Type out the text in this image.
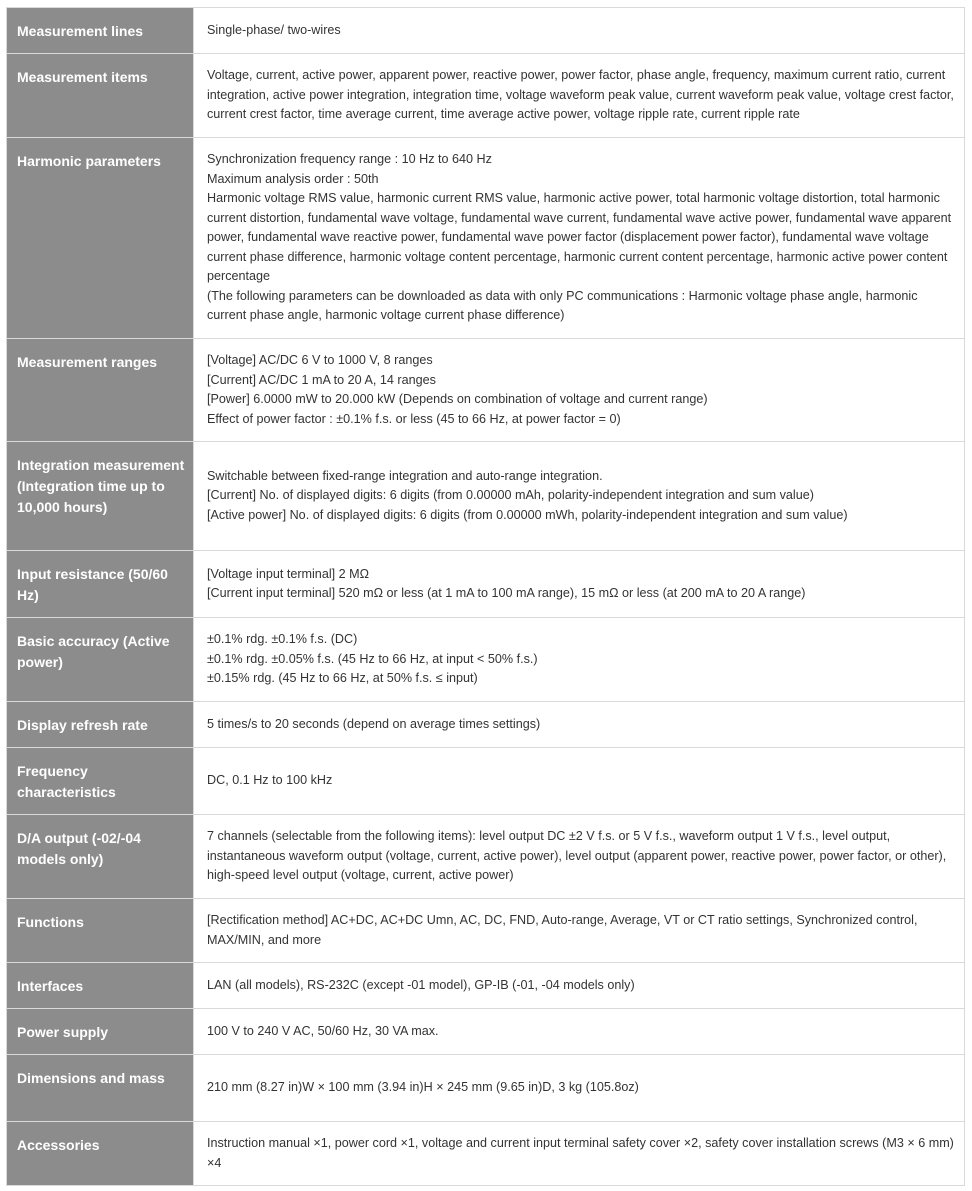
Measurement lines	Single-phase/ two-wires

Measurement items	Voltage, current, active power, apparent power, reactive power, power factor, phase angle, frequency, maximum current ratio, current integration, active power integration, integration time, voltage waveform peak value, current waveform peak value, voltage crest factor, current crest factor, time average current, time average active power, voltage ripple rate, current ripple rate

Harmonic parameters	Synchronization frequency range : 10 Hz to 640 Hz
Maximum analysis order : 50th
Harmonic voltage RMS value, harmonic current RMS value, harmonic active power, total harmonic voltage distortion, total harmonic current distortion, fundamental wave voltage, fundamental wave current, fundamental wave active power, fundamental wave apparent power, fundamental wave reactive power, fundamental wave power factor (displacement power factor), fundamental wave voltage current phase difference, harmonic voltage content percentage, harmonic current content percentage, harmonic active power content percentage
(The following parameters can be downloaded as data with only PC communications : Harmonic voltage phase angle, harmonic current phase angle, harmonic voltage current phase difference)

Measurement ranges	[Voltage] AC/DC 6 V to 1000 V, 8 ranges
[Current] AC/DC 1 mA to 20 A, 14 ranges
[Power] 6.0000 mW to 20.000 kW (Depends on combination of voltage and current range)
Effect of power factor : ±0.1% f.s. or less (45 to 66 Hz, at power factor = 0)

Integration measurement (Integration time up to 10,000 hours)	Switchable between fixed-range integration and auto-range integration.
[Current] No. of displayed digits: 6 digits (from 0.00000 mAh, polarity-independent integration and sum value)
[Active power] No. of displayed digits: 6 digits (from 0.00000 mWh, polarity-independent integration and sum value)

Input resistance (50/60 Hz)	[Voltage input terminal] 2 MΩ
[Current input terminal] 520 mΩ or less (at 1 mA to 100 mA range), 15 mΩ or less (at 200 mA to 20 A range)

Basic accuracy (Active power)	±0.1% rdg. ±0.1% f.s. (DC)
±0.1% rdg. ±0.05% f.s. (45 Hz to 66 Hz, at input < 50% f.s.)
±0.15% rdg. (45 Hz to 66 Hz, at 50% f.s. ≤ input)

Display refresh rate	5 times/s to 20 seconds (depend on average times settings)

Frequency characteristics	DC, 0.1 Hz to 100 kHz

D/A output (-02/-04 models only)	7 channels (selectable from the following items): level output DC ±2 V f.s. or 5 V f.s., waveform output 1 V f.s., level output, instantaneous waveform output (voltage, current, active power), level output (apparent power, reactive power, power factor, or other), high-speed level output (voltage, current, active power)

Functions	[Rectification method] AC+DC, AC+DC Umn, AC, DC, FND, Auto-range, Average, VT or CT ratio settings, Synchronized control, MAX/MIN, and more

Interfaces	LAN (all models), RS-232C (except -01 model), GP-IB (-01, -04 models only)

Power supply	100 V to 240 V AC, 50/60 Hz, 30 VA max.

Dimensions and mass	210 mm (8.27 in)W × 100 mm (3.94 in)H × 245 mm (9.65 in)D, 3 kg (105.8oz)

Accessories	Instruction manual ×1, power cord ×1, voltage and current input terminal safety cover ×2, safety cover installation screws (M3 × 6 mm) ×4
